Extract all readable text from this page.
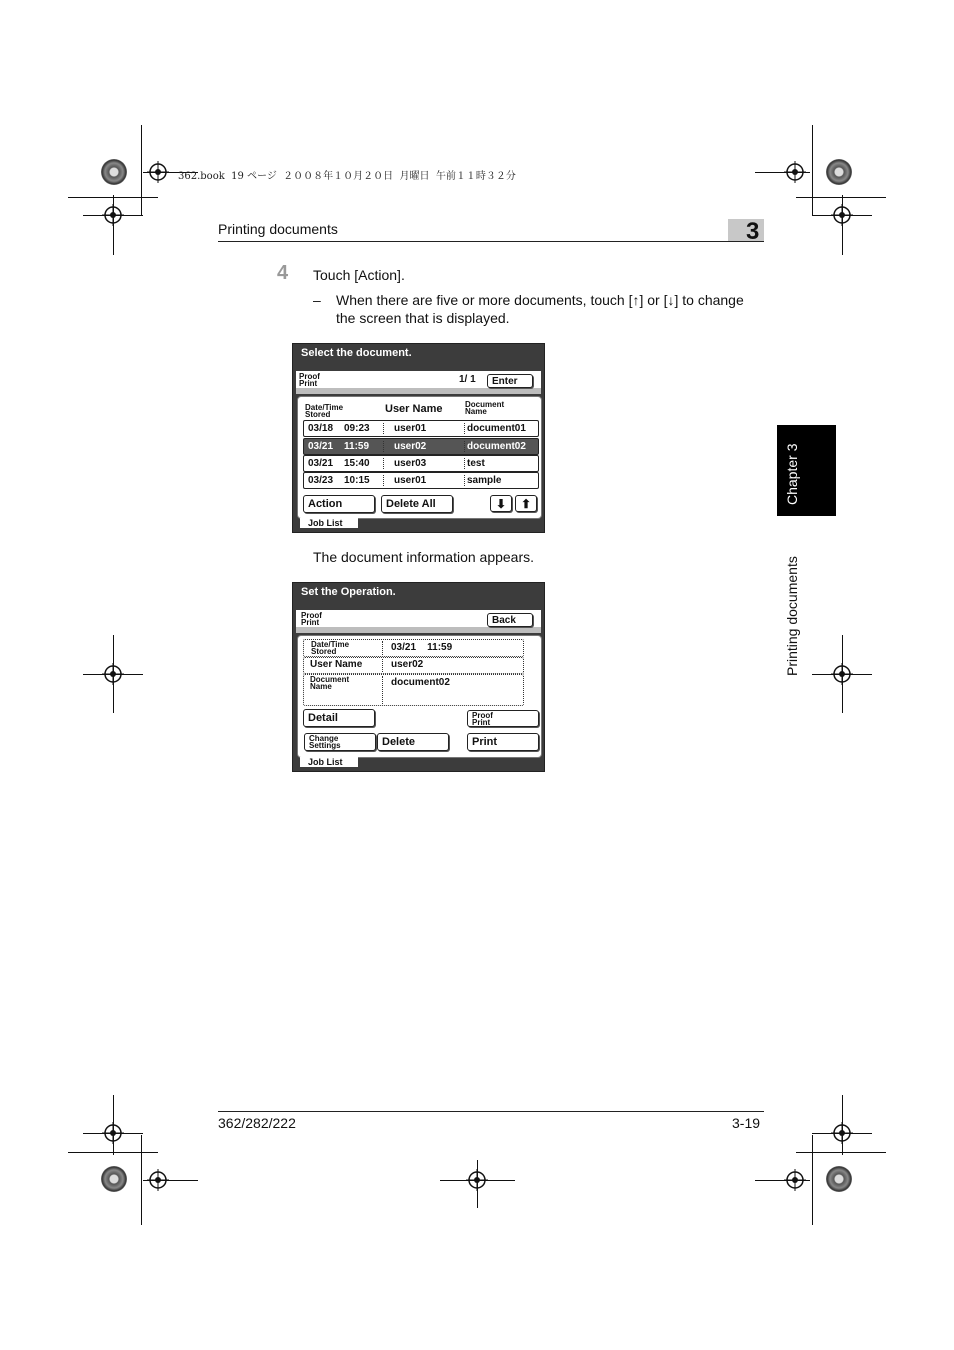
362.book  19 ページ  ２００８年１０月２０日  月曜日  午前１１時３２分
Printing documents	3
Chapter 3
Printing documents
4 Touch [Action].
– When there are five or more documents, touch [↑] or [↓] to change
the screen that is displayed.
Select the document.
Proof
Print	1/ 1	Enter
Date/Time
Stored	User Name	Document
Name
03/18 09:23 user01	document01
03/21 11:59 user02	document02
03/21 15:40 user03	test
03/23 10:15 user01	sample
Action	Delete All	⬇ ⬆
Job List
The document information appears.
Set the Operation.
Proof
Print	Back
Date/Time
Stored	03/21    11:59
User Name	user02
Document
Name	document02
Detail	Proof
Print
Change
Settings	Delete	Print
Job List
362/282/222	3-19
